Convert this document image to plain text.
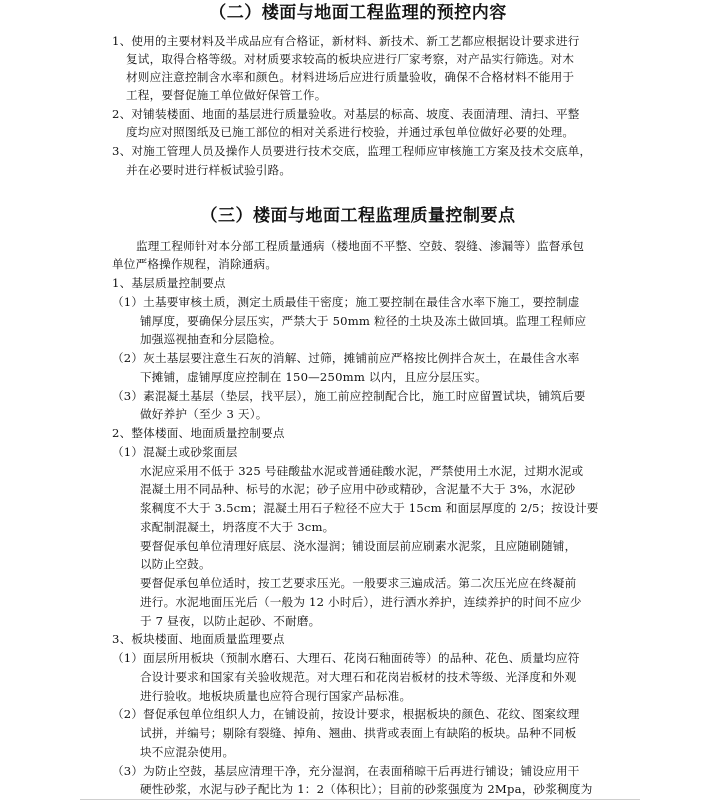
（二）楼面与地面工程监理的预控内容
1、使用的主要材料及半成品应有合格证，新材料、新技术、新工艺都应根据设计要求进行
复试，取得合格等级。对材质要求较高的板块应进行厂家考察，对产品实行筛选。对木
材则应注意控制含水率和颜色。材料进场后应进行质量验收，确保不合格材料不能用于
工程，要督促施工单位做好保管工作。
2、对铺装楼面、地面的基层进行质量验收。对基层的标高、坡度、表面清理、清扫、平整
度均应对照图纸及已施工部位的相对关系进行校验，并通过承包单位做好必要的处理。
3、对施工管理人员及操作人员要进行技术交底，监理工程师应审核施工方案及技术交底单，
并在必要时进行样板试验引路。
（三）楼面与地面工程监理质量控制要点
监理工程师针对本分部工程质量通病（楼地面不平整、空鼓、裂缝、渗漏等）监督承包
单位严格操作规程，消除通病。
1、基层质量控制要点
（1）土基要审核土质，测定土质最佳干密度；施工要控制在最佳含水率下施工，要控制虚
铺厚度，要确保分层压实，严禁大于 50mm 粒径的土块及冻土做回填。监理工程师应
加强巡视抽查和分层隐检。
（2）灰土基层要注意生石灰的消解、过筛，摊铺前应严格按比例拌合灰土，在最佳含水率
下摊铺，虚铺厚度应控制在 150—250mm 以内，且应分层压实。
（3）素混凝土基层（垫层，找平层），施工前应控制配合比，施工时应留置试块，铺筑后要
做好养护（至少 3 天）。
2、整体楼面、地面质量控制要点
（1）混凝土或砂浆面层
水泥应采用不低于 325 号硅酸盐水泥或普通硅酸水泥，严禁使用土水泥，过期水泥或
混凝土用不同品种、标号的水泥；砂子应用中砂或精砂，含泥量不大于 3%，水泥砂
浆稠度不大于 3.5cm；混凝土用石子粒径不应大于 15cm 和面层厚度的 2/5；按设计要
求配制混凝土，坍落度不大于 3cm。
要督促承包单位清理好底层、浇水湿润；铺设面层前应刷素水泥浆，且应随刷随铺，
以防止空鼓。
要督促承包单位适时，按工艺要求压光。一般要求三遍成活。第二次压光应在终凝前
进行。水泥地面压光后（一般为 12 小时后），进行洒水养护，连续养护的时间不应少
于 7 昼夜，以防止起砂、不耐磨。
3、板块楼面、地面质量监理要点
（1）面层所用板块（预制水磨石、大理石、花岗石釉面砖等）的品种、花色、质量均应符
合设计要求和国家有关验收规范。对大理石和花岗岩板材的技术等级、光泽度和外观
进行验收。地板块质量也应符合现行国家产品标准。
（2）督促承包单位组织人力，在铺设前，按设计要求，根据板块的颜色、花纹、图案纹理
试拼，并编号；剔除有裂缝、掉角、翘曲、拱背或表面上有缺陷的板块。品种不同板
块不应混杂使用。
（3）为防止空鼓，基层应清理干净，充分湿润，在表面稍晾干后再进行铺设；铺设应用干
硬性砂浆，水泥与砂子配比为 1：2（体积比）；目前的砂浆强度为 2Mpa，砂浆稠度为
